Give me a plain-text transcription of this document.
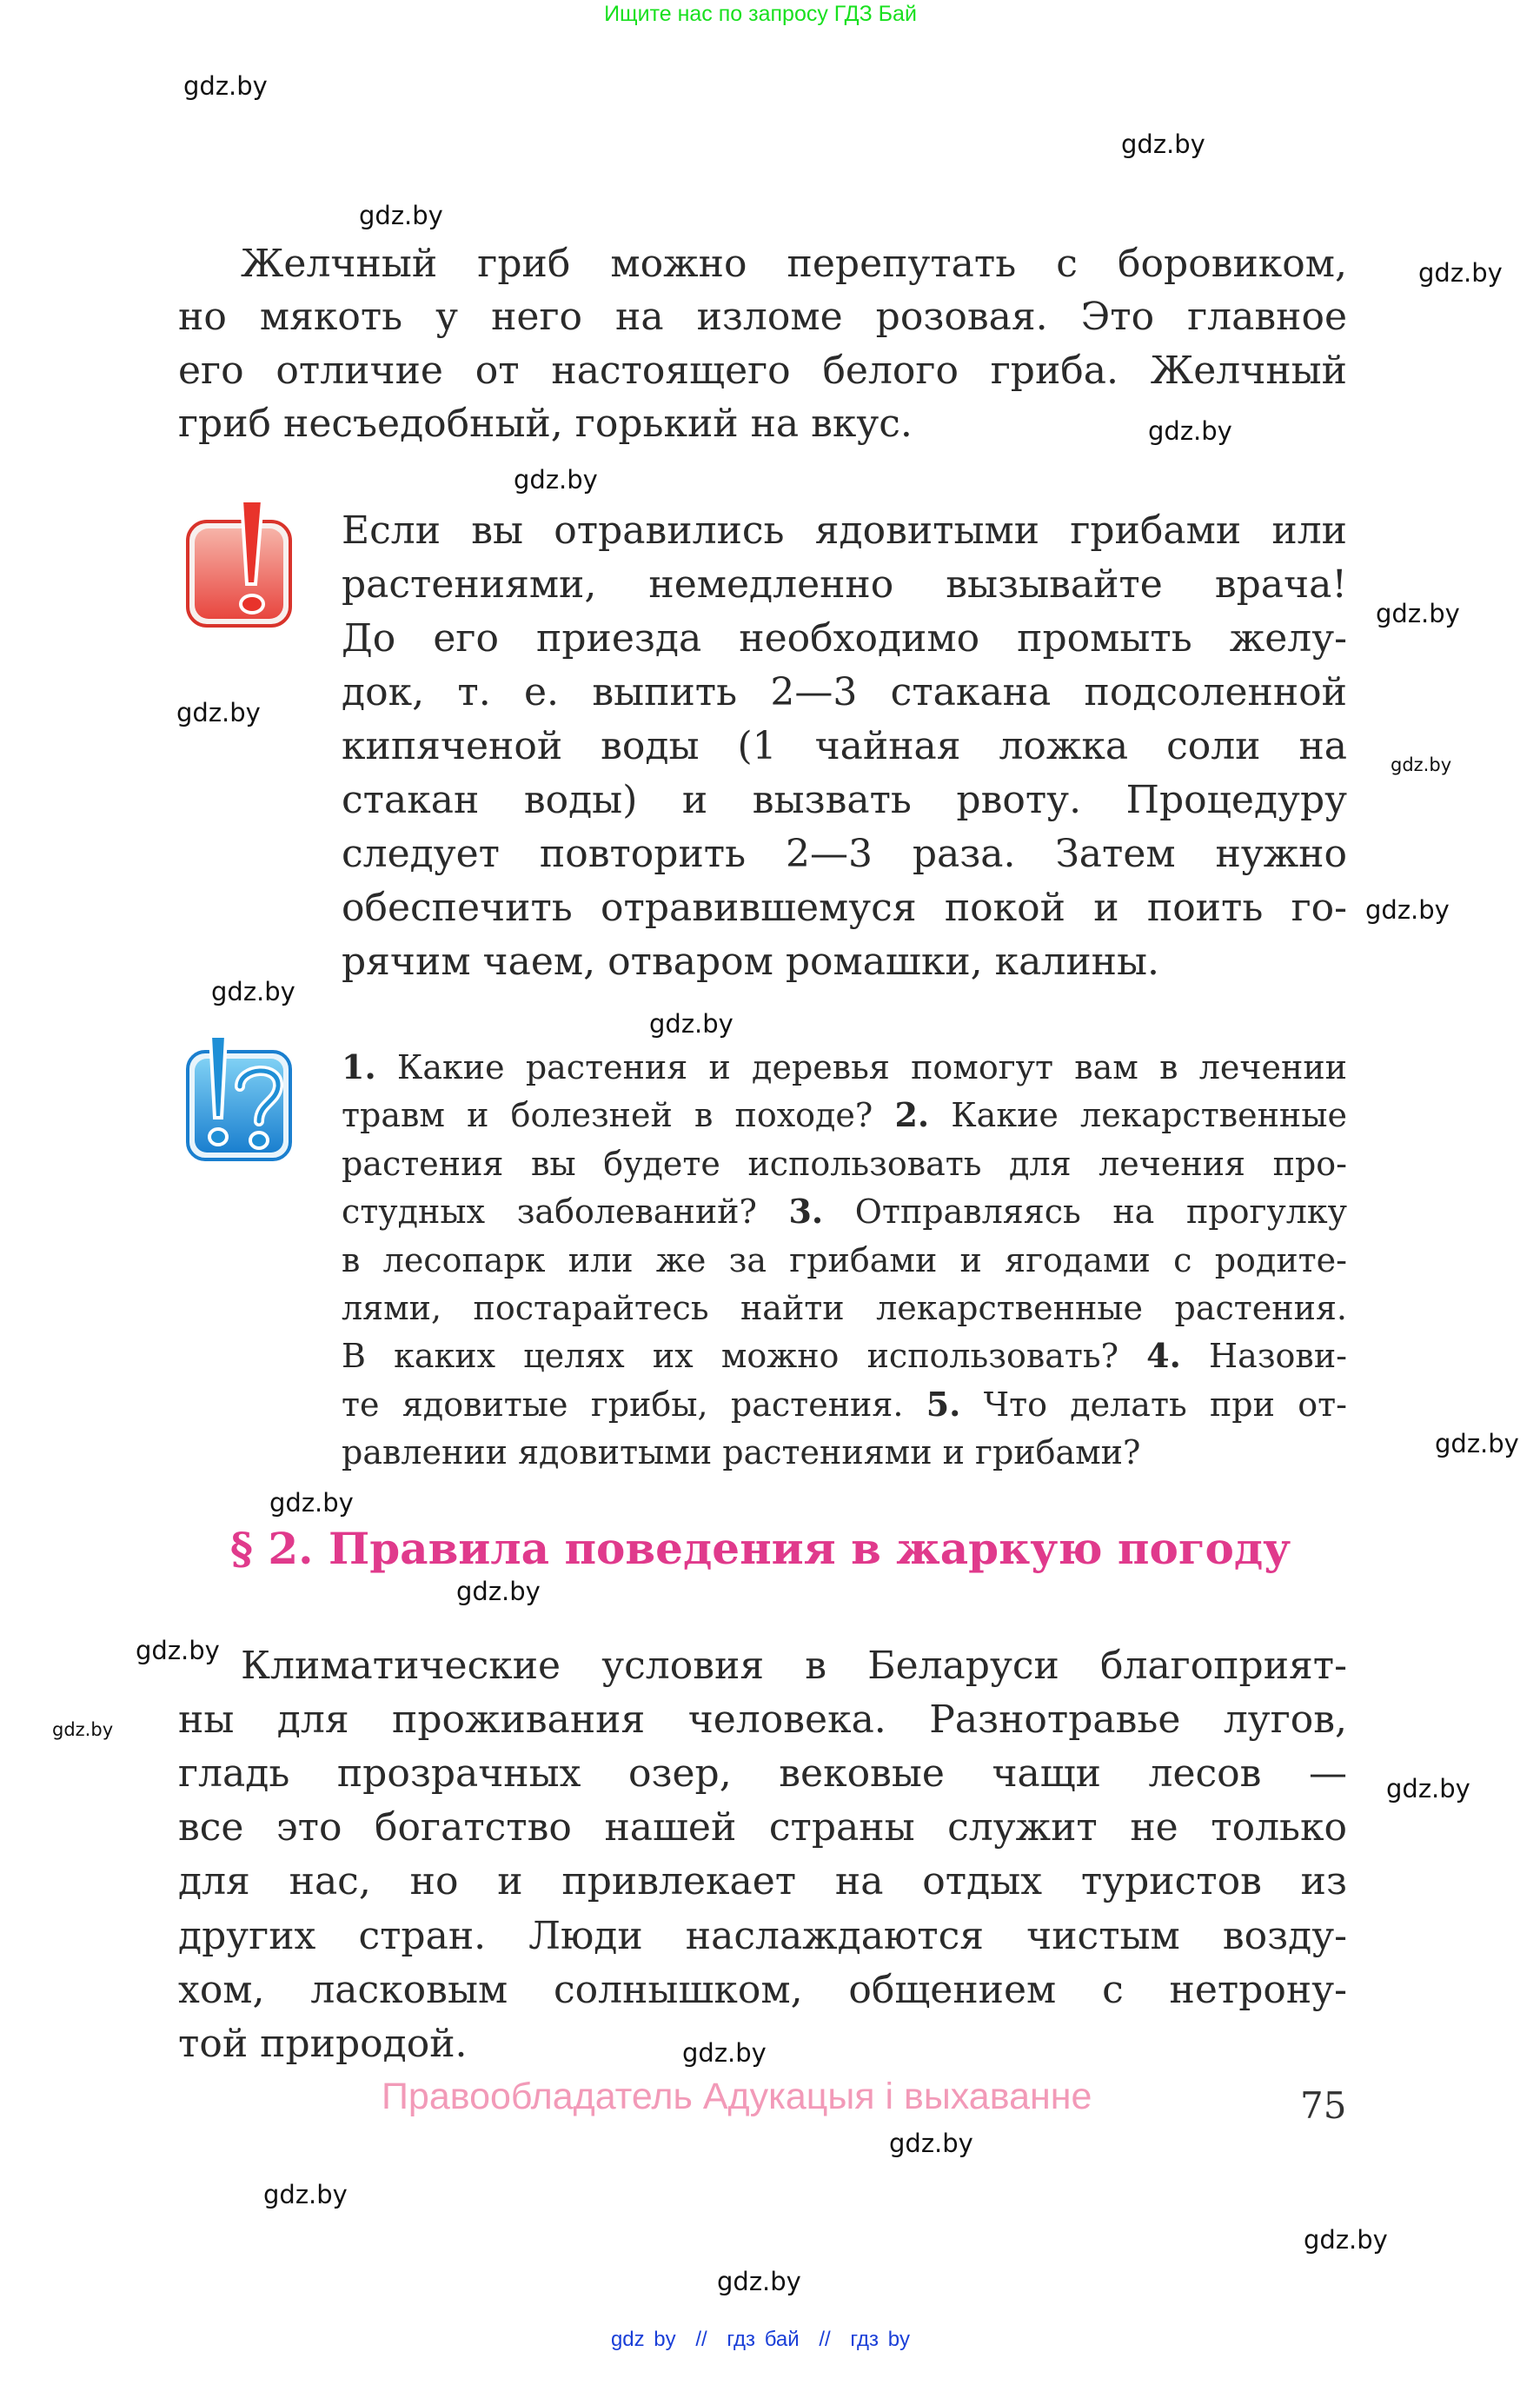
Ищите нас по запросу ГДЗ Бай
Желчный гриб можно перепутать с боровиком,
но мякоть у него на изломе розовая. Это главное
его отличие от настоящего белого гриба. Желчный
гриб несъедобный, горький на вкус.
Если вы отравились ядовитыми грибами или
растениями, немедленно вызывайте врача!
До его приезда необходимо промыть желу-
док, т. е. выпить 2—3 стакана подсоленной
кипяченой воды (1 чайная ложка соли на
стакан воды) и вызвать рвоту. Процедуру
следует повторить 2—3 раза. Затем нужно
обеспечить отравившемуся покой и поить го-
рячим чаем, отваром ромашки, калины.
1. Какие растения и деревья помогут вам в лечении
травм и болезней в походе? 2. Какие лекарственные
растения вы будете использовать для лечения про-
студных заболеваний? 3. Отправляясь на прогулку
в лесопарк или же за грибами и ягодами с родите-
лями, постарайтесь найти лекарственные растения.
В каких целях их можно использовать? 4. Назови-
те ядовитые грибы, растения. 5. Что делать при от-
равлении ядовитыми растениями и грибами?
Климатические условия в Беларуси благоприят-
ны для проживания человека. Разнотравье лугов,
гладь прозрачных озер, вековые чащи лесов —
все это богатство нашей страны служит не только
для нас, но и привлекает на отдых туристов из
других стран. Люди наслаждаются чистым возду-
хом, ласковым солнышком, общением с нетрону-
той природой.
§ 2. Правила поведения в жаркую погоду
Правообладатель Адукацыя і выхаванне	75
gdz by // гдз бай // гдз by
gdz.by
gdz.by
gdz.by
gdz.by
gdz.by
gdz.by
gdz.by
gdz.by
gdz.by
gdz.by
gdz.by
gdz.by
gdz.by
gdz.by
gdz.by
gdz.by
gdz.by
gdz.by
gdz.by
gdz.by
gdz.by
gdz.by
gdz.by
